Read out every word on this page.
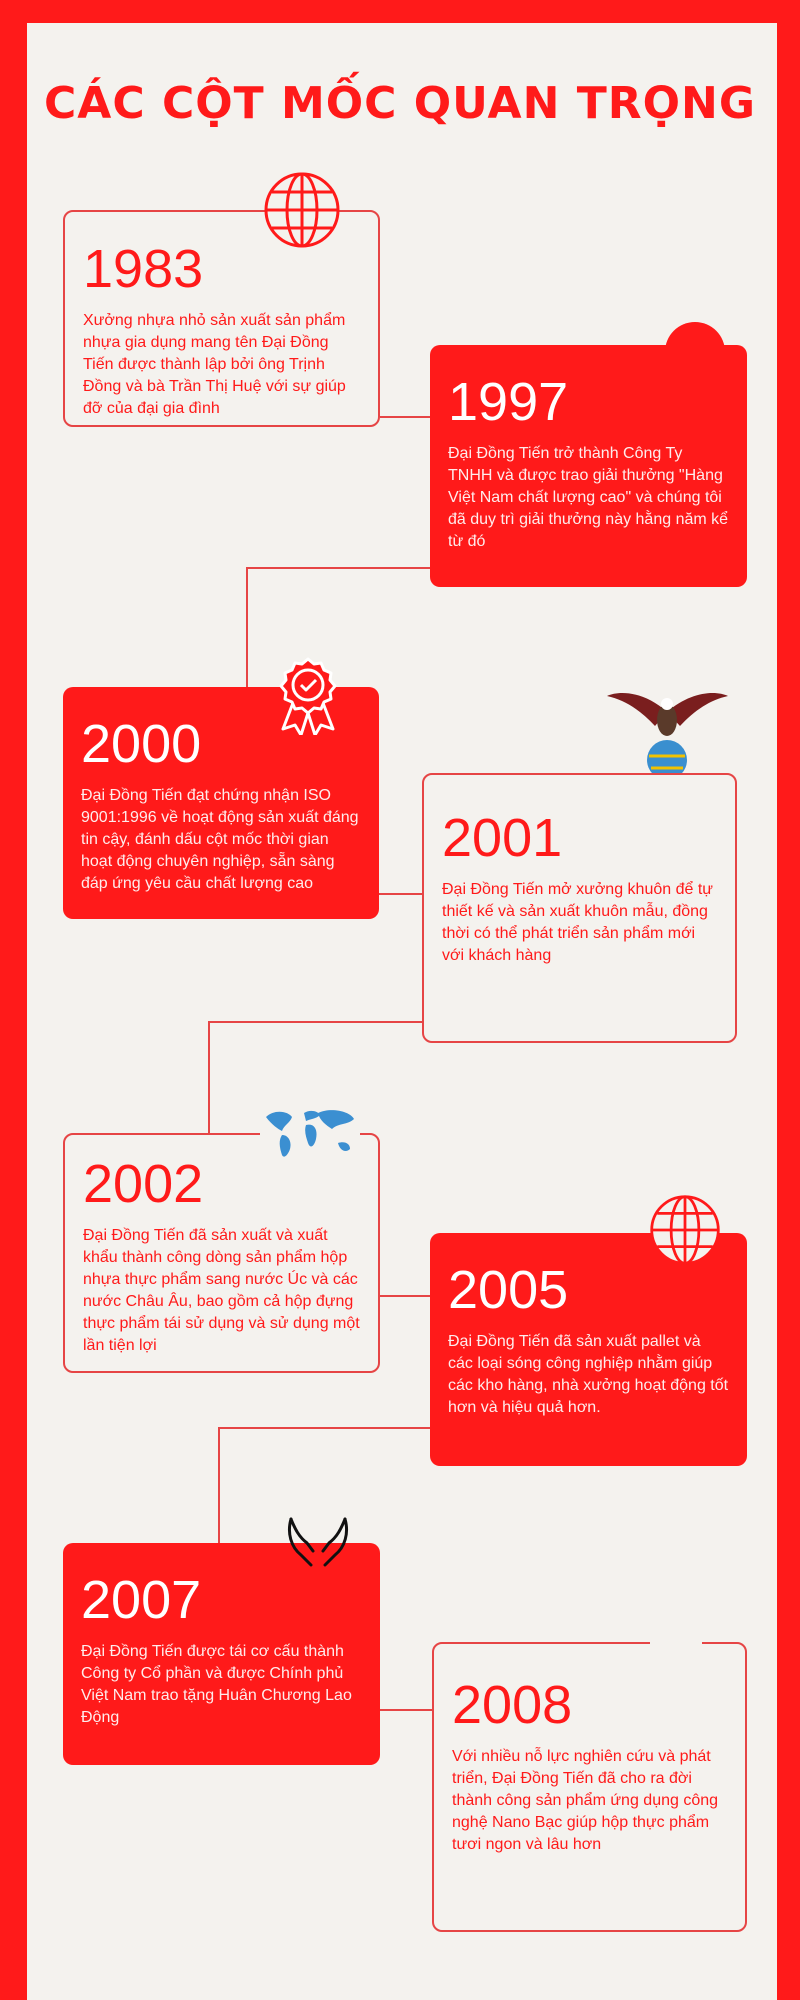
CÁC CỘT MỐC QUAN TRỌNG
1983

Xưởng nhựa nhỏ sản xuất sản phẩm nhựa gia dụng mang tên Đại Đồng Tiến được thành lập bởi ông Trịnh Đồng và bà Trần Thị Huệ với sự giúp đỡ của đại gia đình	1997

Đại Đồng Tiến trở thành Công Ty TNHH và được trao giải thưởng "Hàng Việt Nam chất lượng cao" và chúng tôi đã duy trì giải thưởng này hằng năm kể từ đó

2000

Đại Đồng Tiến đạt chứng nhận ISO 9001:1996 về hoạt động sản xuất đáng tin cậy, đánh dấu cột mốc thời gian hoạt động chuyên nghiệp, sẵn sàng đáp ứng yêu cầu chất lượng cao

2001

Đại Đồng Tiến mở xưởng khuôn để tự thiết kế và sản xuất khuôn mẫu, đồng thời có thể phát triển sản phẩm mới với khách hàng

2002

Đại Đồng Tiến đã sản xuất và xuất khẩu thành công dòng sản phẩm hộp nhựa thực phẩm sang nước Úc và các nước Châu Âu, bao gồm cả hộp đựng thực phẩm tái sử dụng và sử dụng một lần tiện lợi

2005

Đại Đồng Tiến đã sản xuất pallet và các loại sóng công nghiệp nhằm giúp các kho hàng, nhà xưởng hoạt động tốt hơn và hiệu quả hơn.

2007

Đại Đồng Tiến được tái cơ cấu thành Công ty Cổ phần và được Chính phủ Việt Nam trao tặng Huân Chương Lao Động	2008

Với nhiều nỗ lực nghiên cứu và phát triển, Đại Đồng Tiến đã cho ra đời thành công sản phẩm ứng dụng công nghệ Nano Bạc giúp hộp thực phẩm tươi ngon và lâu hơn
